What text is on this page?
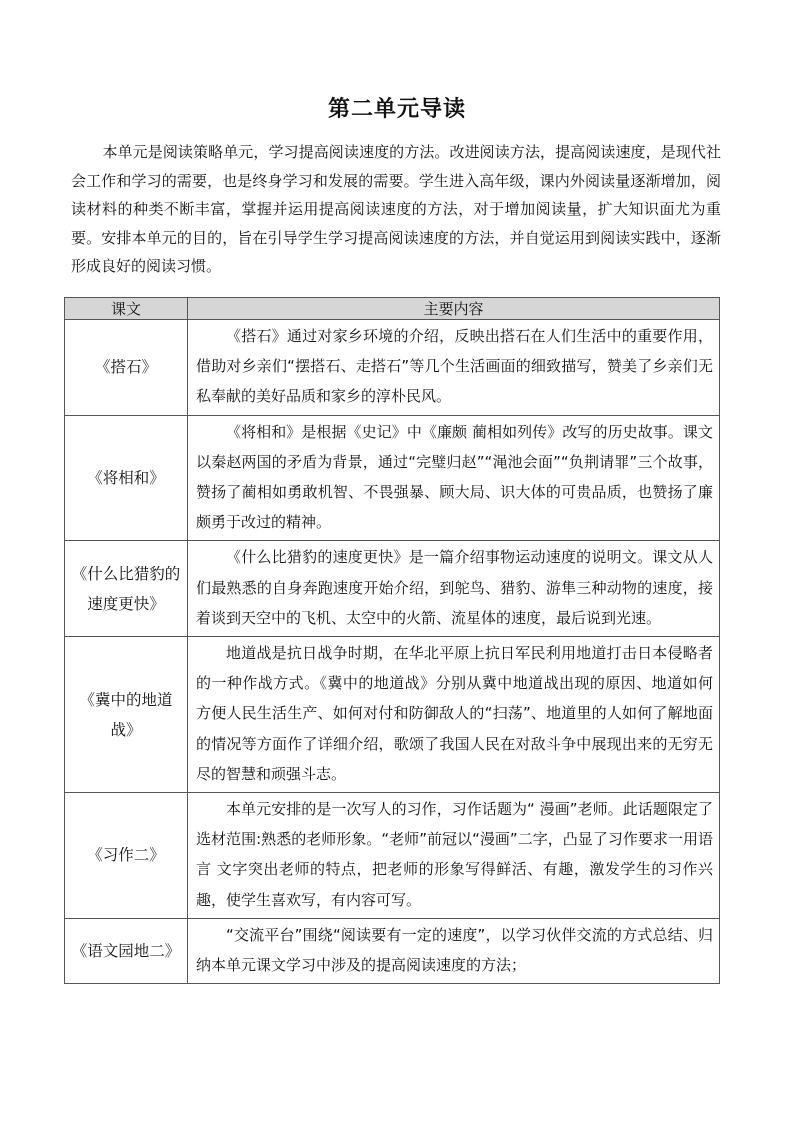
第二单元导读

本单元是阅读策略单元，学习提高阅读速度的方法。改进阅读方法，提高阅读速度，是现代社会工作和学习的需要，也是终身学习和发展的需要。学生进入高年级，课内外阅读量逐渐增加，阅读材料的种类不断丰富，掌握并运用提高阅读速度的方法，对于增加阅读量，扩大知识面尤为重要。安排本单元的目的，旨在引导学生学习提高阅读速度的方法，并自觉运用到阅读实践中，逐渐形成良好的阅读习惯。

课文	主要内容
《搭石》	《搭石》通过对家乡环境的介绍，反映出搭石在人们生活中的重要作用，借助对乡亲们“摆搭石、走搭石”等几个生活画面的细致描写，赞美了乡亲们无私奉献的美好品质和家乡的淳朴民风。
《将相和》	《将相和》是根据《史记》中《廉颇 蔺相如列传》改写的历史故事。课文以秦赵两国的矛盾为背景，通过“完璧归赵”“渑池会面”“负荆请罪”三个故事，赞扬了蔺相如勇敢机智、不畏强暴、顾大局、识大体的可贵品质，也赞扬了廉颇勇于改过的精神。
《什么比猎豹的速度更快》	《什么比猎豹的速度更快》是一篇介绍事物运动速度的说明文。课文从人们最熟悉的自身奔跑速度开始介绍，到鸵鸟、猎豹、游隼三种动物的速度，接着谈到天空中的飞机、太空中的火箭、流星体的速度，最后说到光速。
《冀中的地道战》	地道战是抗日战争时期，在华北平原上抗日军民利用地道打击日本侵略者的一种作战方式。《冀中的地道战》分别从冀中地道战出现的原因、地道如何方便人民生活生产、如何对付和防御敌人的“扫荡”、地道里的人如何了解地面的情况等方面作了详细介绍，歌颂了我国人民在对敌斗争中展现出来的无穷无尽的智慧和顽强斗志。
《习作二》	本单元安排的是一次写人的习作，习作话题为“ 漫画”老师。此话题限定了选材范围:熟悉的老师形象。“老师”前冠以“漫画”二字，凸显了习作要求一用语言 文字突出老师的特点，把老师的形象写得鲜活、有趣，激发学生的习作兴趣，使学生喜欢写，有内容可写。
《语文园地二》	“交流平台”围绕“阅读要有一定的速度”，以学习伙伴交流的方式总结、归纳本单元课文学习中涉及的提高阅读速度的方法；
